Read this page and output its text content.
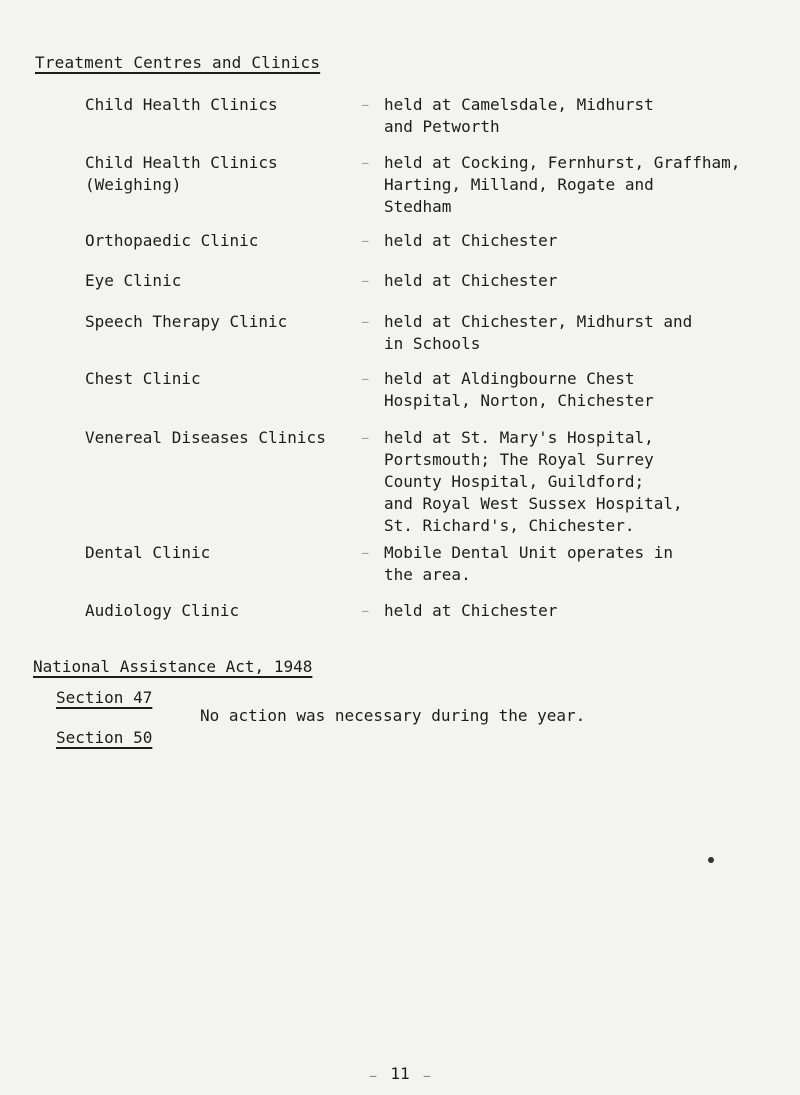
Treatment Centres and Clinics
Child Health Clinics	– held at Camelsdale, Midhurst
and Petworth
Child Health Clinics
(Weighing)
– held at Cocking, Fernhurst, Graffham,
Harting, Milland, Rogate and
Stedham
Orthopaedic Clinic	– held at Chichester
Eye Clinic	– held at Chichester
Speech Therapy Clinic	– held at Chichester, Midhurst and
in Schools
Chest Clinic	– held at Aldingbourne Chest
Hospital, Norton, Chichester
Venereal Diseases Clinics	– held at St. Mary's Hospital,
Portsmouth; The Royal Surrey
County Hospital, Guildford;
and Royal West Sussex Hospital,
St. Richard's, Chichester.
Dental Clinic	– Mobile Dental Unit operates in
the area.
Audiology Clinic	– held at Chichester
National Assistance Act, 1948
Section 47
No action was necessary during the year.
Section 50
– 11 –
